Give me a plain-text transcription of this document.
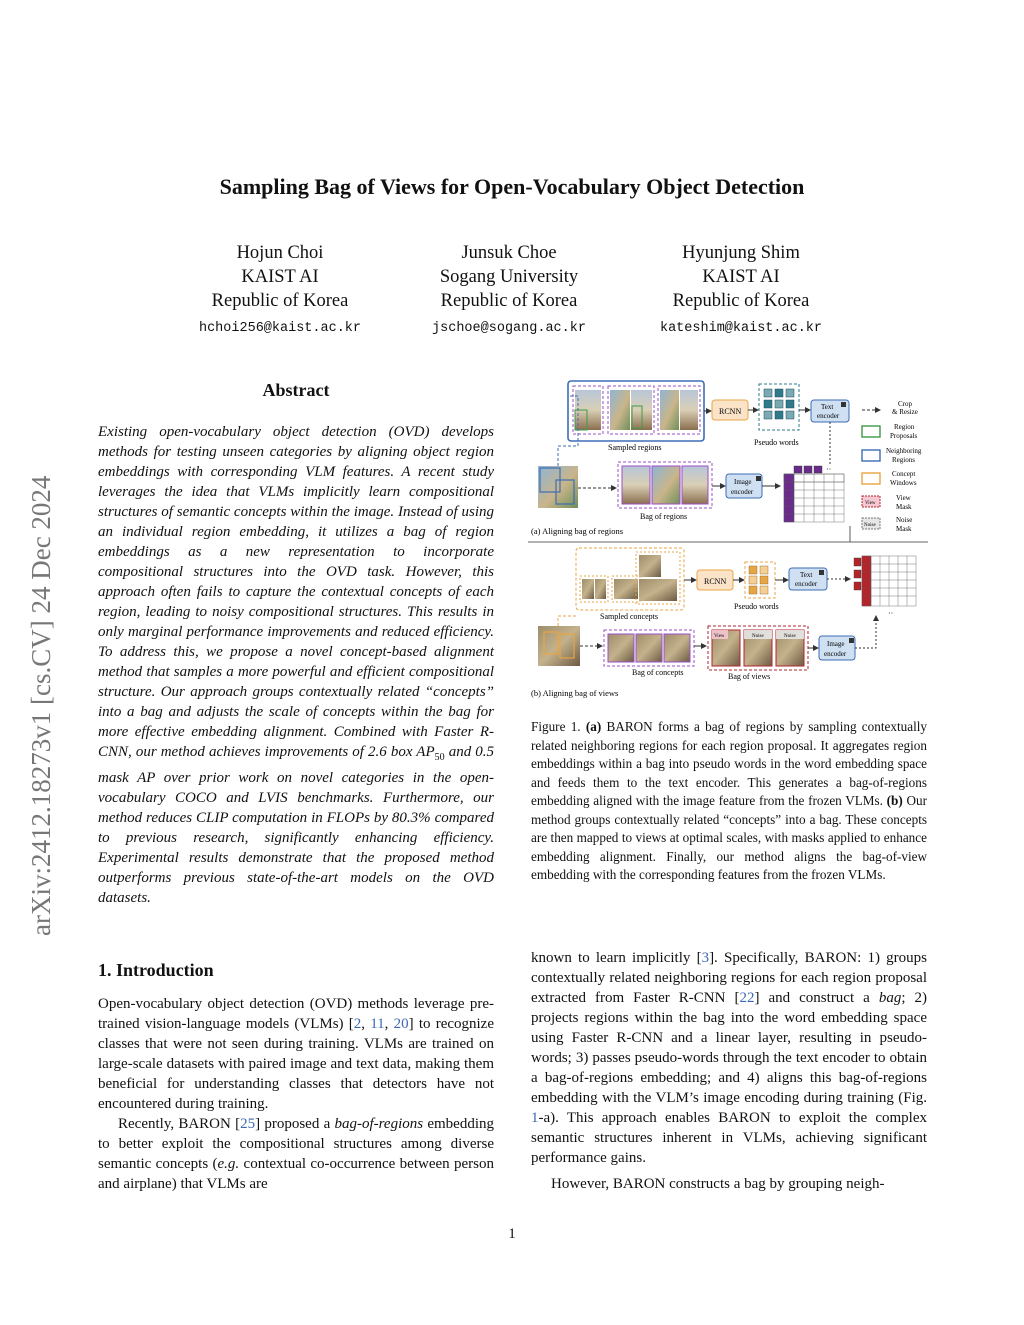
Sampling Bag of Views for Open-Vocabulary Object Detection
Hojun Choi
KAIST AI
Republic of Korea
hchoi256@kaist.ac.kr
Junsuk Choe
Sogang University
Republic of Korea
jschoe@sogang.ac.kr
Hyunjung Shim
KAIST AI
Republic of Korea
kateshim@kaist.ac.kr
arXiv:2412.18273v1 [cs.CV] 24 Dec 2024
Abstract
Existing open-vocabulary object detection (OVD) develops methods for testing unseen categories by aligning object region embeddings with corresponding VLM features. A recent study leverages the idea that VLMs implicitly learn compositional structures of semantic concepts within the image. Instead of using an individual region embedding, it utilizes a bag of region embeddings as a new representation to incorporate compositional structures into the OVD task. However, this approach often fails to capture the contextual concepts of each region, leading to noisy compositional structures. This results in only marginal performance improvements and reduced efficiency. To address this, we propose a novel concept-based alignment method that samples a more powerful and efficient compositional structure. Our approach groups contextually related “concepts” into a bag and adjusts the scale of concepts within the bag for more effective embedding alignment. Combined with Faster R-CNN, our method achieves improvements of 2.6 box $AP_{50}$ and 0.5 mask AP over prior work on novel categories in the open-vocabulary COCO and LVIS benchmarks. Furthermore, our method reduces CLIP computation in FLOPs by 80.3% compared to previous research, significantly enhancing efficiency. Experimental results demonstrate that the proposed method outperforms previous state-of-the-art models on the OVD datasets.
1. Introduction
Open-vocabulary object detection (OVD) methods leverage pre-trained vision-language models (VLMs) [2, 11, 20] to recognize classes that were not seen during training. VLMs are trained on large-scale datasets with paired image and text data, making them beneficial for understanding classes that detectors have not encountered during training.
Recently, BARON [25] proposed a bag-of-regions embedding to better exploit the compositional structures among diverse semantic concepts (e.g. contextual co-occurrence between person and airplane) that VLMs are
known to learn implicitly [3]. Specifically, BARON: 1) groups contextually related neighboring regions for each region proposal extracted from Faster R-CNN [22] and construct a bag; 2) projects regions within the bag into the word embedding space using Faster R-CNN and a linear layer, resulting in pseudo-words; 3) passes pseudo-words through the text encoder to obtain a bag-of-regions embedding; and 4) aligns this bag-of-regions embedding with the VLM’s image encoding during training (Fig. 1-a). This approach enables BARON to exploit the complex semantic structures inherent in VLMs, achieving significant performance gains.
However, BARON constructs a bag by grouping neigh-
Figure 1. (a) BARON forms a bag of regions by sampling contextually related neighboring regions for each region proposal. It aggregates region embeddings within a bag into pseudo words in the word embedding space and feeds them to the text encoder. This generates a bag-of-regions embedding aligned with the image feature from the frozen VLMs. (b) Our method groups contextually related “concepts” into a bag. These concepts are then mapped to views at optimal scales, with masks applied to enhance embedding alignment. Finally, our method aligns the bag-of-view embedding with the corresponding features from the frozen VLMs.
1
Sampled regions
RCNN
Pseudo words
Text
encoder
Bag of regions
Image
encoder
··
Crop
& Resize
Region
Proposals
Neighboring
Regions
Concept
Windows
View
View
Mask
Noise
Noise
Mask
(a) Aligning bag of regions
Sampled concepts
RCNN
Pseudo words
Text
encoder
Bag of concepts
View	Noise	Noise
Bag of views
Image
encoder
··
(b) Aligning bag of views
